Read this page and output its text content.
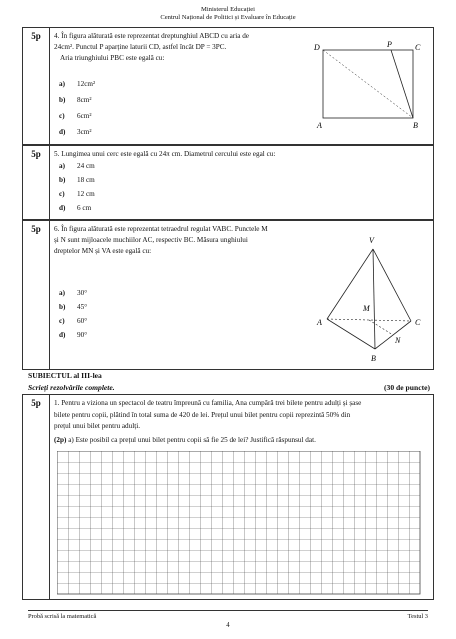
Ministerul Educației
Centrul Național de Politici și Evaluare în Educație
5p	4. În figura alăturată este reprezentat dreptunghiul ABCD cu aria de

24cm². Punctul P aparține laturii CD, astfel încât DP = 3PC.

Aria triunghiului PBC este egală cu:

a) 12cm²
b) 8cm²
c) 6cm²
d) 3cm²
D	P	C
A	B
5p	5. Lungimea unui cerc este egală cu 24π cm. Diametrul cercului este egal cu:

a) 24 cm
b) 18 cm
c) 12 cm
d) 6 cm
5p	6. În figura alăturată este reprezentat tetraedrul regulat VABC. Punctele M

și N sunt mijloacele muchiilor AC, respectiv BC. Măsura unghiului

dreptelor MN și VA este egală cu:

a) 30°
b) 45°
c) 60°
d) 90°
V
M
A	C
N
B
SUBIECTUL al III-lea
Scrieți rezolvările complete.	(30 de puncte)
5p	1. Pentru a viziona un spectacol de teatru împreună cu familia, Ana cumpără trei bilete pentru adulți și șase

bilete pentru copii, plătind în total suma de 420 de lei. Prețul unui bilet pentru copii reprezintă 50% din

prețul unui bilet pentru adulți.

(2p) a) Este posibil ca prețul unui bilet pentru copii să fie 25 de lei? Justifică răspunsul dat.

Probă scrisă la matematică	Testul 3
4
